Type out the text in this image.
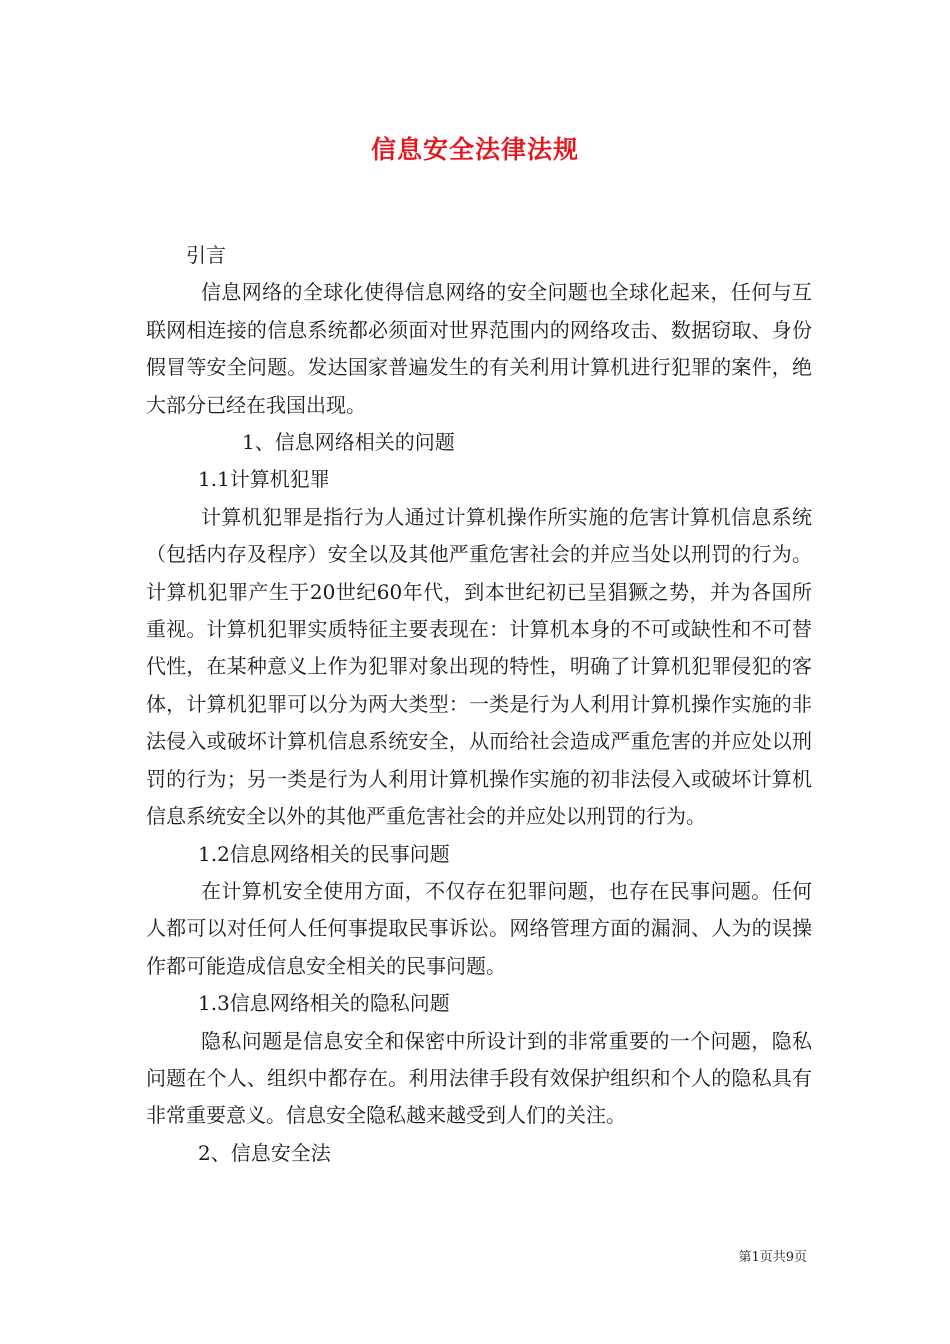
信息安全法律法规

引言

信息网络的全球化使得信息网络的安全问题也全球化起来，任何与互联网相连接的信息系统都必须面对世界范围内的网络攻击、数据窃取、身份假冒等安全问题。发达国家普遍发生的有关利用计算机进行犯罪的案件，绝大部分已经在我国出现。

1、信息网络相关的问题

1.1计算机犯罪

计算机犯罪是指行为人通过计算机操作所实施的危害计算机信息系统（包括内存及程序）安全以及其他严重危害社会的并应当处以刑罚的行为。计算机犯罪产生于20世纪60年代，到本世纪初已呈猖獗之势，并为各国所重视。计算机犯罪实质特征主要表现在：计算机本身的不可或缺性和不可替代性，在某种意义上作为犯罪对象出现的特性，明确了计算机犯罪侵犯的客体，计算机犯罪可以分为两大类型：一类是行为人利用计算机操作实施的非法侵入或破坏计算机信息系统安全，从而给社会造成严重危害的并应处以刑罚的行为；另一类是行为人利用计算机操作实施的初非法侵入或破坏计算机信息系统安全以外的其他严重危害社会的并应处以刑罚的行为。

1.2信息网络相关的民事问题

在计算机安全使用方面，不仅存在犯罪问题，也存在民事问题。任何人都可以对任何人任何事提取民事诉讼。网络管理方面的漏洞、人为的误操作都可能造成信息安全相关的民事问题。

1.3信息网络相关的隐私问题

隐私问题是信息安全和保密中所设计到的非常重要的一个问题，隐私问题在个人、组织中都存在。利用法律手段有效保护组织和个人的隐私具有非常重要意义。信息安全隐私越来越受到人们的关注。

2、信息安全法

第1页共9页
